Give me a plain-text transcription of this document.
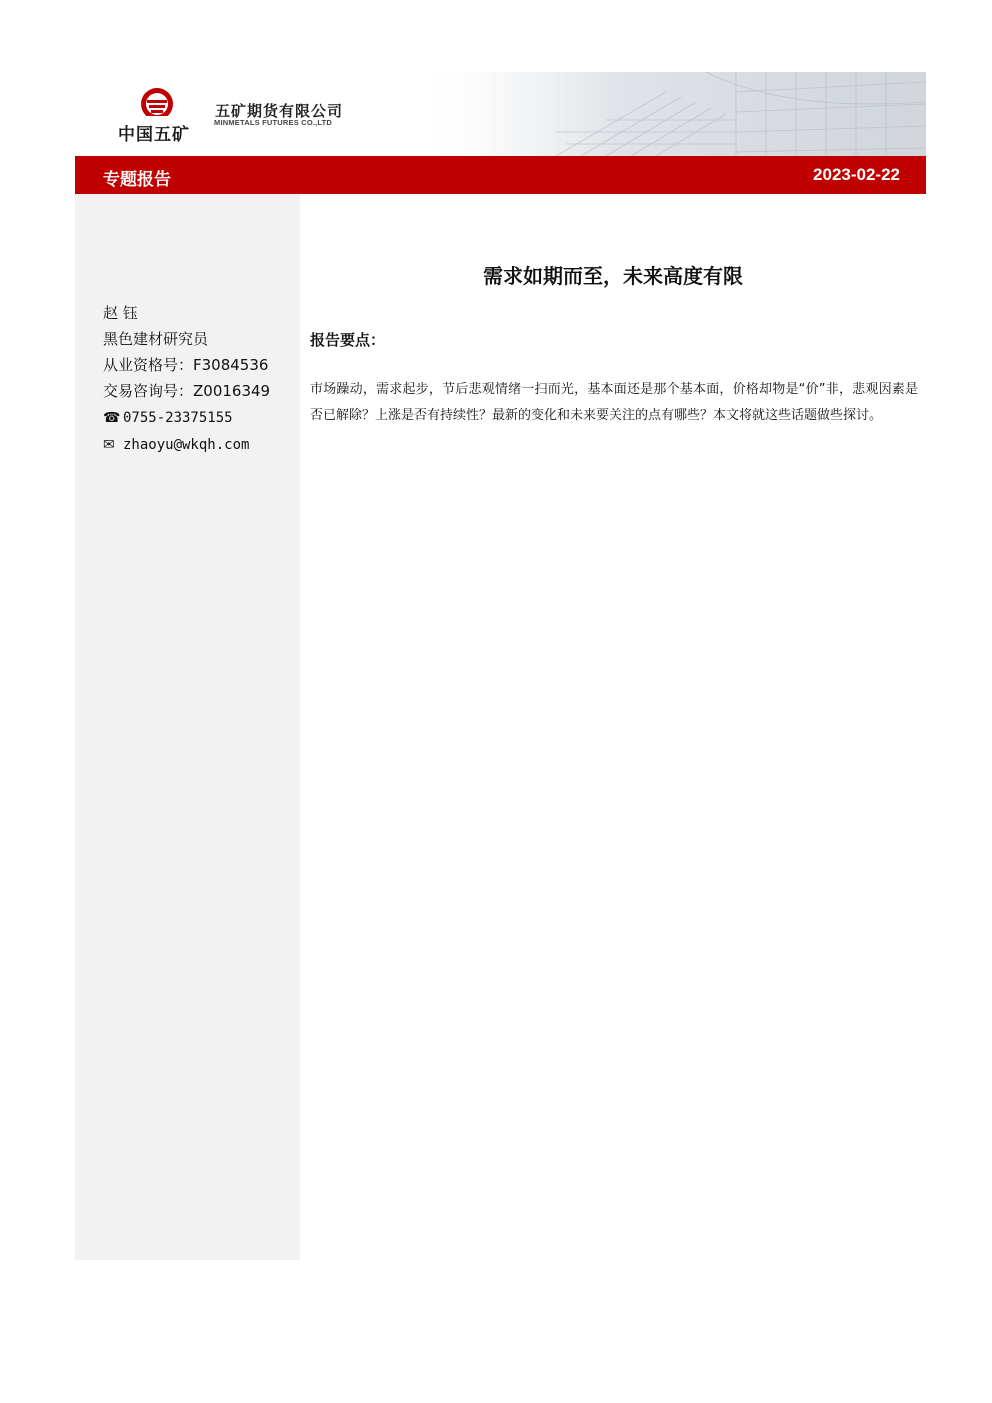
中国五矿
五矿期货有限公司
MINMETALS FUTURES CO.,LTD
专题报告	2023-02-22
赵 钰
黑色建材研究员
从业资格号：F3084536
交易咨询号：Z0016349
☎ 0755-23375155
✉ zhaoyu@wkqh.com
需求如期而至，未来高度有限
报告要点：
市场躁动，需求起步，节后悲观情绪一扫而光，基本面还是那个基本面，价格却物是“价”非，悲观因素是否已解除？上涨是否有持续性？最新的变化和未来要关注的点有哪些？本文将就这些话题做些探讨。
